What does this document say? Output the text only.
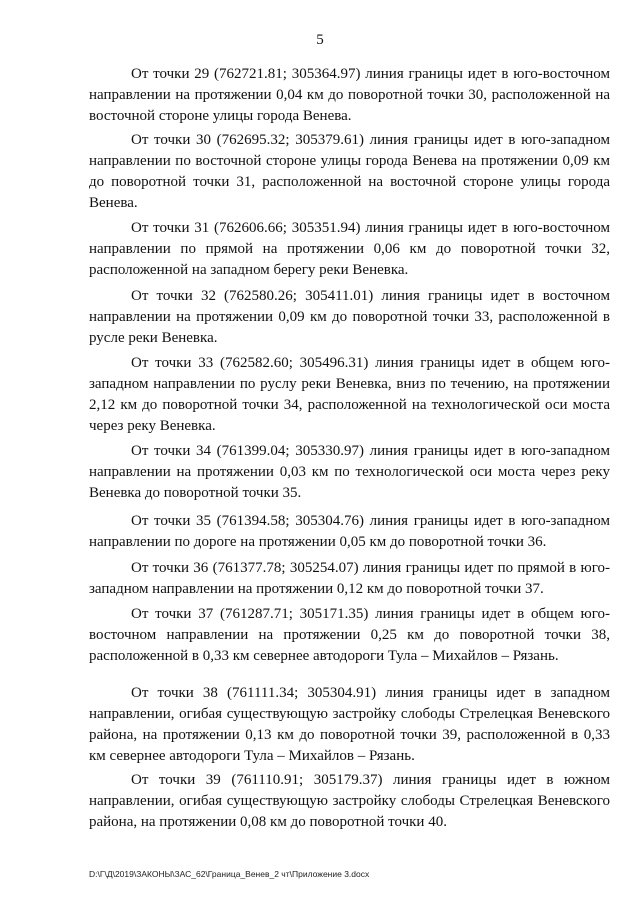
5

От точки 29 (762721.81; 305364.97) линия границы идет в юго-восточном направлении на протяжении 0,04 км до поворотной точки 30, расположенной на восточной стороне улицы города Венева.

От точки 30 (762695.32; 305379.61) линия границы идет в юго-западном направлении по восточной стороне улицы города Венева на протяжении 0,09 км до поворотной точки 31, расположенной на восточной стороне улицы города Венева.

От точки 31 (762606.66; 305351.94) линия границы идет в юго-восточном направлении по прямой на протяжении 0,06 км до поворотной точки 32, расположенной на западном берегу реки Веневка.

От точки 32 (762580.26; 305411.01) линия границы идет в восточном направлении на протяжении 0,09 км до поворотной точки 33, расположенной в русле реки Веневка.

От точки 33 (762582.60; 305496.31) линия границы идет в общем юго-западном направлении по руслу реки Веневка, вниз по течению, на протяжении 2,12 км до поворотной точки 34, расположенной на технологической оси моста через реку Веневка.

От точки 34 (761399.04; 305330.97) линия границы идет в юго-западном направлении на протяжении 0,03 км по технологической оси моста через реку Веневка до поворотной точки 35.

От точки 35 (761394.58; 305304.76) линия границы идет в юго-западном направлении по дороге на протяжении 0,05 км до поворотной точки 36.

От точки 36 (761377.78; 305254.07) линия границы идет по прямой в юго-западном направлении на протяжении 0,12 км до поворотной точки 37.

От точки 37 (761287.71; 305171.35) линия границы идет в общем юго-восточном направлении на протяжении 0,25 км до поворотной точки 38, расположенной в 0,33 км севернее автодороги Тула – Михайлов – Рязань.

От точки 38 (761111.34; 305304.91) линия границы идет в западном направлении, огибая существующую застройку слободы Стрелецкая Веневского района, на протяжении 0,13 км до поворотной точки 39, расположенной в 0,33 км севернее автодороги Тула – Михайлов – Рязань.

От точки 39 (761110.91; 305179.37) линия границы идет в южном направлении, огибая существующую застройку слободы Стрелецкая Веневского района, на протяжении 0,08 км до поворотной точки 40.

D:\Г\Д\2019\ЗАКОНЫ\ЗАС_62\Граница_Венев_2 чт\Приложение 3.docx
